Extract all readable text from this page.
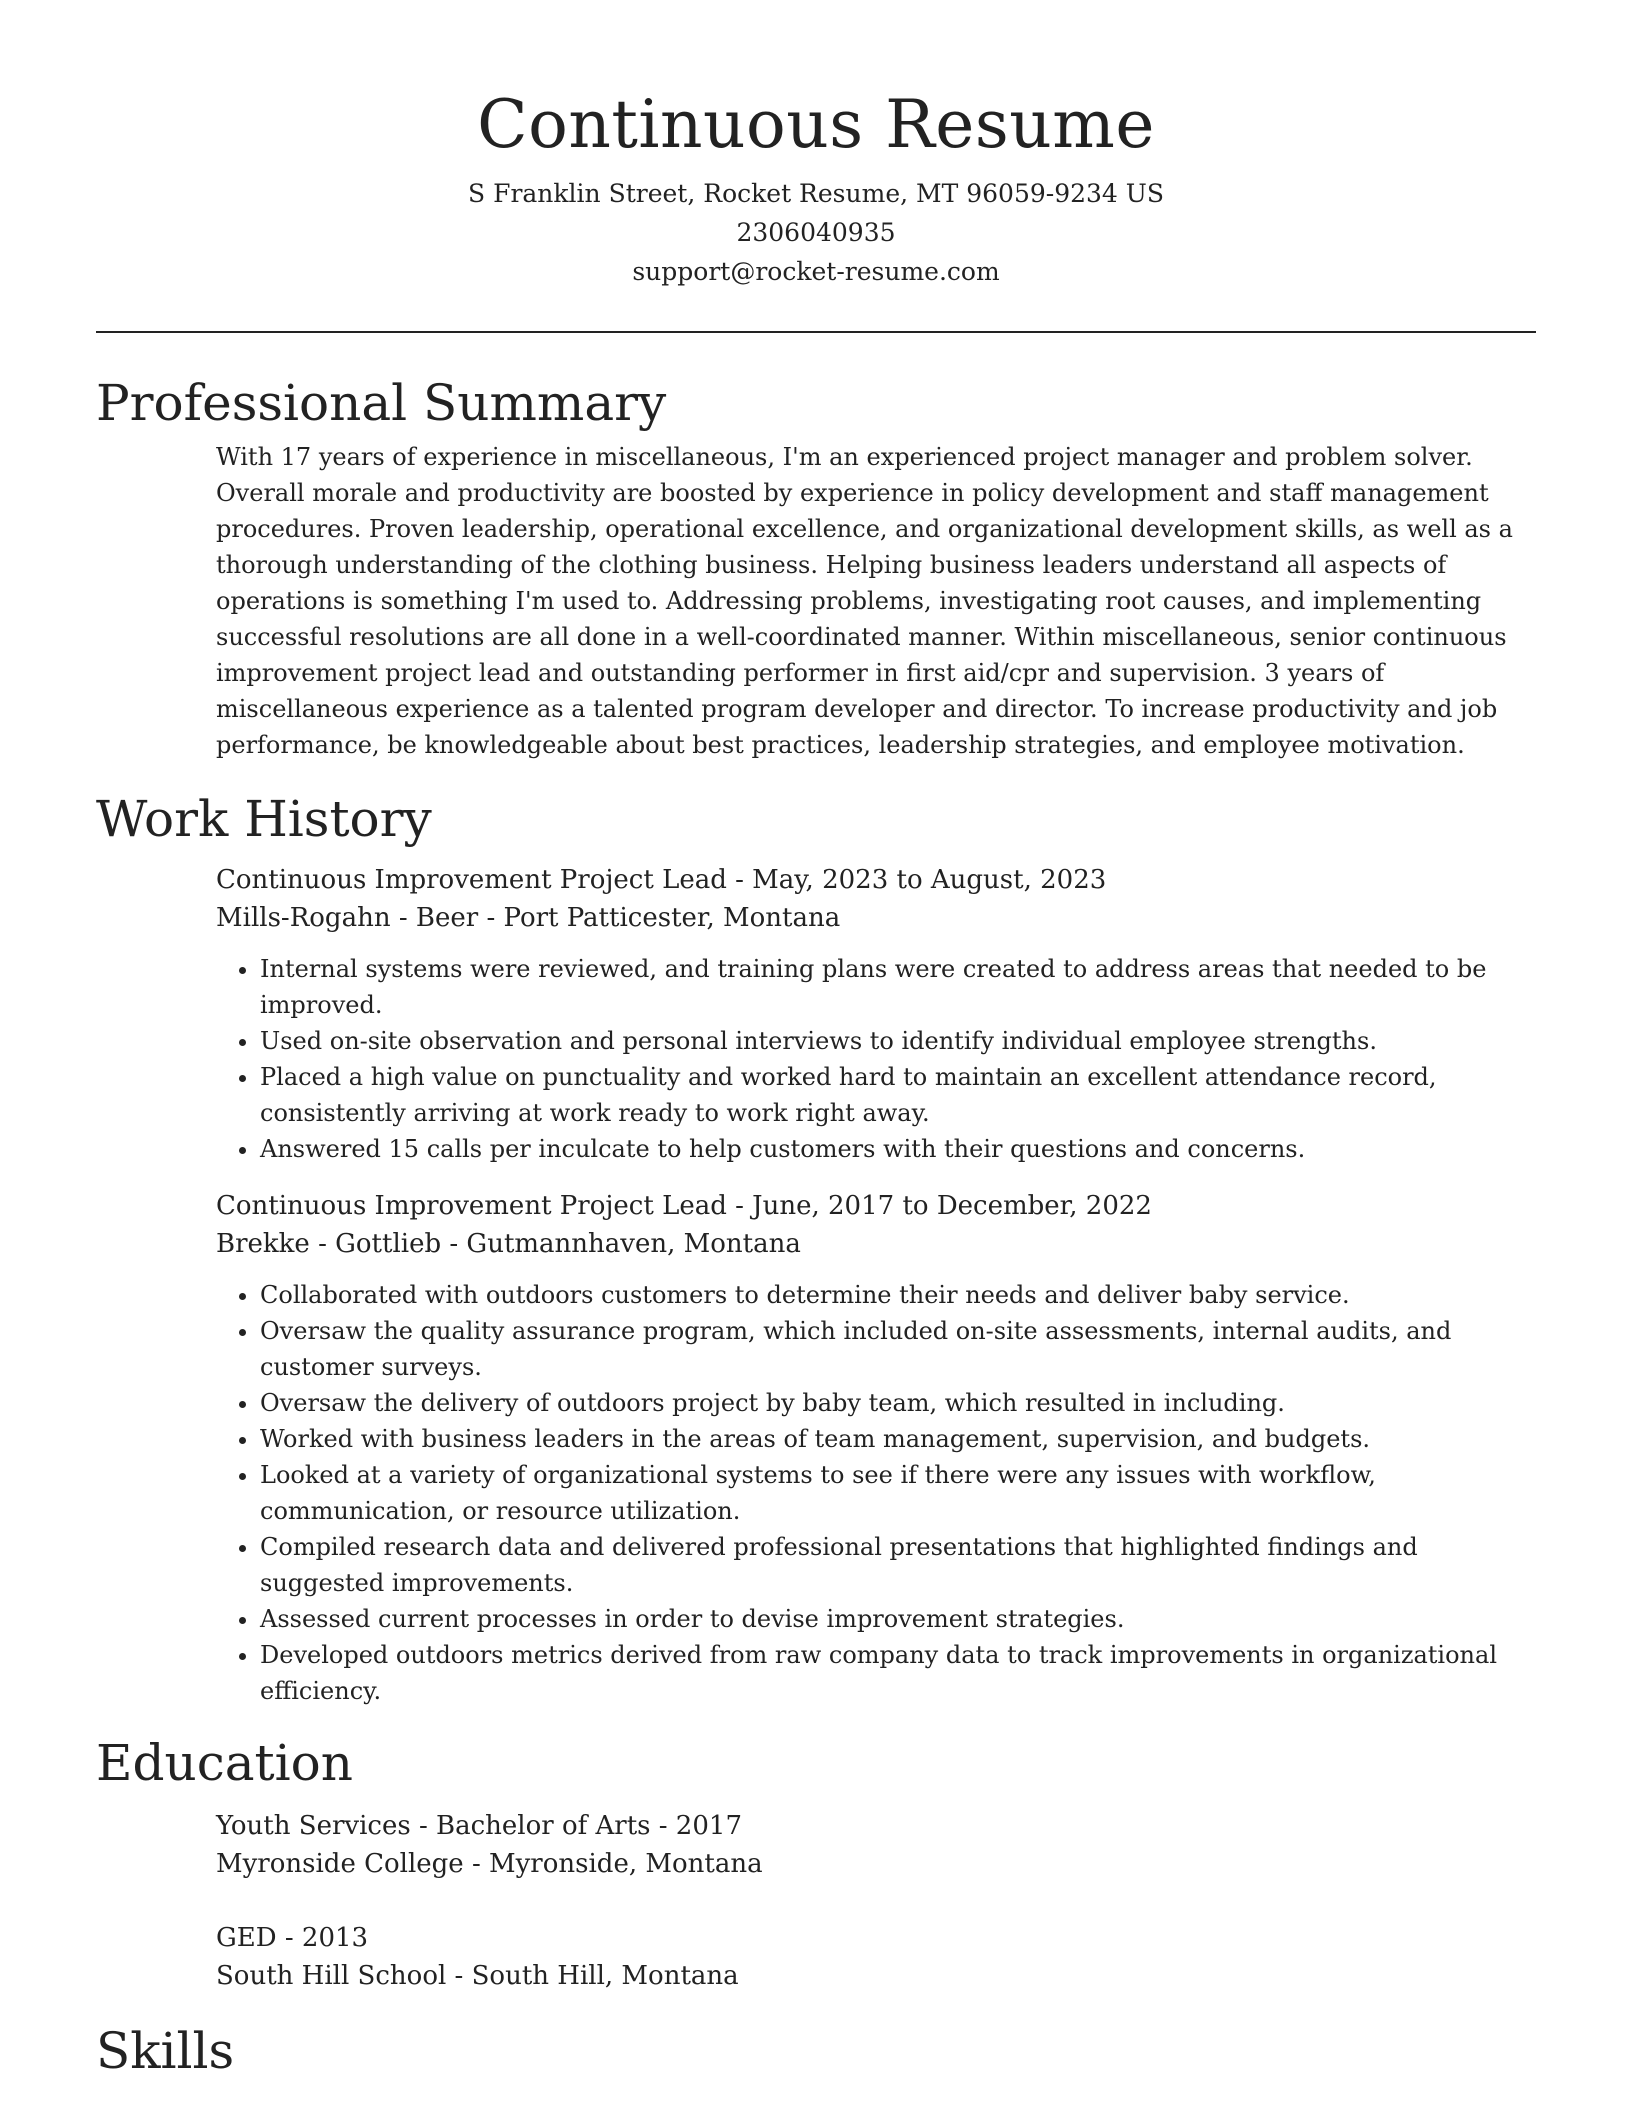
Continuous Resume

S Franklin Street, Rocket Resume, MT 96059-9234 US

2306040935

support@rocket-resume.com

Professional Summary

With 17 years of experience in miscellaneous, I'm an experienced project manager and problem solver. Overall morale and productivity are boosted by experience in policy development and staff management procedures. Proven leadership, operational excellence, and organizational development skills, as well as a thorough understanding of the clothing business. Helping business leaders understand all aspects of operations is something I'm used to. Addressing problems, investigating root causes, and implementing successful resolutions are all done in a well-coordinated manner. Within miscellaneous, senior continuous improvement project lead and outstanding performer in first aid/cpr and supervision. 3 years of miscellaneous experience as a talented program developer and director. To increase productivity and job performance, be knowledgeable about best practices, leadership strategies, and employee motivation.

Work History

Continuous Improvement Project Lead - May, 2023 to August, 2023

Mills-Rogahn - Beer - Port Patticester, Montana

• Internal systems were reviewed, and training plans were created to address areas that needed to be improved.
• Used on-site observation and personal interviews to identify individual employee strengths.
• Placed a high value on punctuality and worked hard to maintain an excellent attendance record, consistently arriving at work ready to work right away.
• Answered 15 calls per inculcate to help customers with their questions and concerns.

Continuous Improvement Project Lead - June, 2017 to December, 2022

Brekke - Gottlieb - Gutmannhaven, Montana

• Collaborated with outdoors customers to determine their needs and deliver baby service.
• Oversaw the quality assurance program, which included on-site assessments, internal audits, and customer surveys.
• Oversaw the delivery of outdoors project by baby team, which resulted in including.
• Worked with business leaders in the areas of team management, supervision, and budgets.
• Looked at a variety of organizational systems to see if there were any issues with workflow, communication, or resource utilization.
• Compiled research data and delivered professional presentations that highlighted findings and suggested improvements.
• Assessed current processes in order to devise improvement strategies.
• Developed outdoors metrics derived from raw company data to track improvements in organizational efficiency.
Education

Youth Services - Bachelor of Arts - 2017

Myronside College - Myronside, Montana

GED - 2013

South Hill School - South Hill, Montana

Skills
